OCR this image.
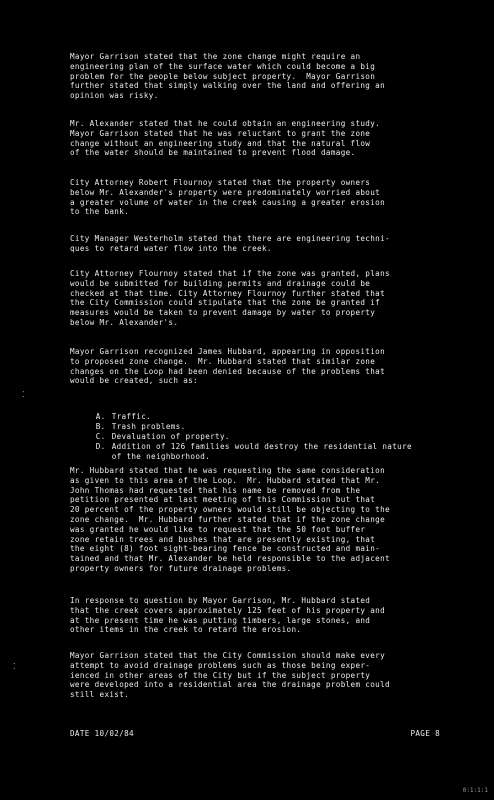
Mayor Garrison stated that the zone change might require an
engineering plan of the surface water which could become a big
problem for the people below subject property.  Mayor Garrison
further stated that simply walking over the land and offering an
opinion was risky.

Mr. Alexander stated that he could obtain an engineering study.
Mayor Garrison stated that he was reluctant to grant the zone
change without an engineering study and that the natural flow
of the water should be maintained to prevent flood damage.

City Attorney Robert Flournoy stated that the property owners
below Mr. Alexander's property were predominately worried about
a greater volume of water in the creek causing a greater erosion
to the bank.

City Manager Westerholm stated that there are engineering techni-
ques to retard water flow into the creek.

City Attorney Flournoy stated that if the zone was granted, plans
would be submitted for building permits and drainage could be
checked at that time. City Attorney Flournoy further stated that
the City Commission could stipulate that the zone be granted if
measures would be taken to prevent damage by water to property
below Mr. Alexander's.

Mayor Garrison recognized James Hubbard, appearing in opposition
to proposed zone change.  Mr. Hubbard stated that similar zone
changes on the Loop had been denied because of the problems that
would be created, such as:

A. Traffic.

B. Trash problems.

C. Devaluation of property.

D. Addition of 126 families would destroy the residential nature
of the neighborhood.

Mr. Hubbard stated that he was requesting the same consideration
as given to this area of the Loop.  Mr. Hubbard stated that Mr.
John Thomas had requested that his name be removed from the
petition presented at last meeting of this Commission but that
20 percent of the property owners would still be objecting to the
zone change.  Mr. Hubbard further stated that if the zone change
was granted he would like to request that the 50 foot buffer
zone retain trees and bushes that are presently existing, that
the eight (8) foot sight-bearing fence be constructed and main-
tained and that Mr. Alexander be held responsible to the adjacent
property owners for future drainage problems.

In response to question by Mayor Garrison, Mr. Hubbard stated
that the creek covers approximately 125 feet of his property and
at the present time he was putting timbers, large stones, and
other items in the creek to retard the erosion.

Mayor Garrison stated that the City Commission should make every
attempt to avoid drainage problems such as those being exper-
ienced in other areas of the City but if the subject property
were developed into a residential area the drainage problem could
still exist.

DATE 10/02/84	PAGE 8
⁚
⁚
0:1:1:1
